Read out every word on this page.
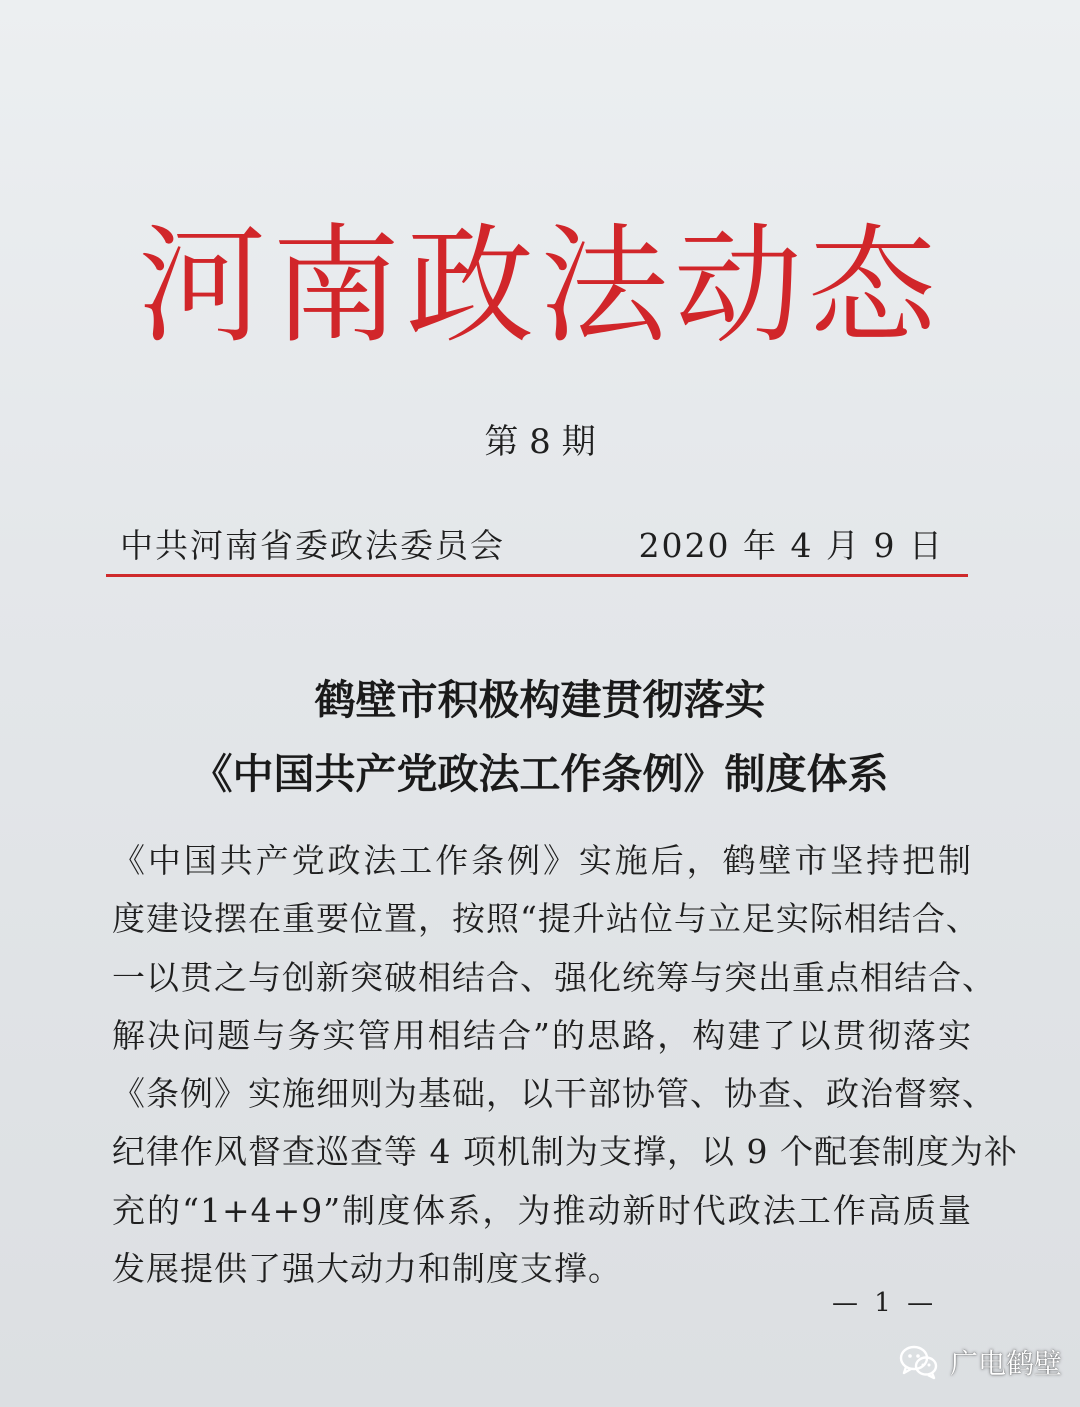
河南政法动态
第 8 期
中共河南省委政法委员会	2020 年 4 月 9 日
鹤壁市积极构建贯彻落实
《中国共产党政法工作条例》制度体系
《中国共产党政法工作条例》实施后，鹤壁市坚持把制
度建设摆在重要位置，按照“提升站位与立足实际相结合、
一以贯之与创新突破相结合、强化统筹与突出重点相结合、
解决问题与务实管用相结合”的思路，构建了以贯彻落实
《条例》实施细则为基础，以干部协管、协查、政治督察、
纪律作风督查巡查等 4 项机制为支撑，以 9 个配套制度为补
充的“1+4+9”制度体系，为推动新时代政法工作高质量
发展提供了强大动力和制度支撑。
— 1 —
广电鹤壁
